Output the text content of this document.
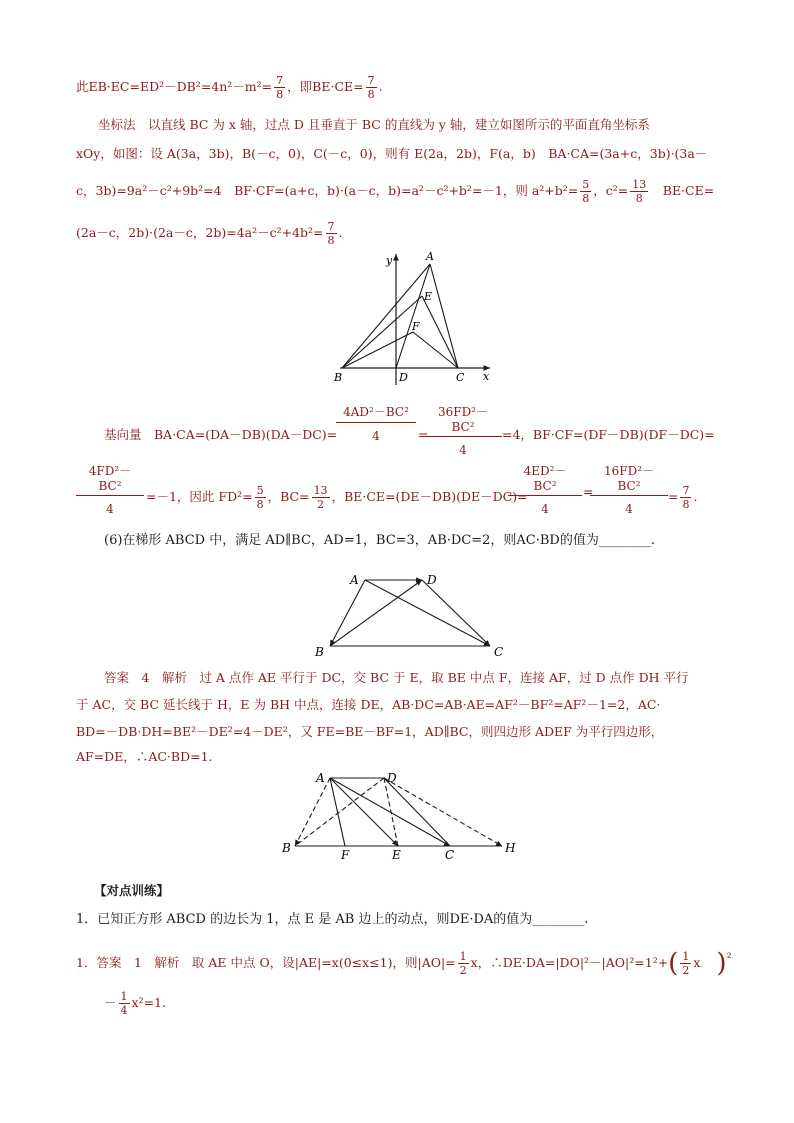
此$EB\cdot EC=ED^2-DB^2=4n^2-m^2= \frac{7}{8}$ ，即$BE\cdot CE= \frac{7}{8}$ .
坐标法　以直线 BC 为 x 轴，过点 D 且垂直于 BC 的直线为 y 轴，建立如图所示的平面直角坐标系
xOy，如图：设 A(3a，3b)，B(－c，0)，C(－c，0)，则有 E(2a，2b)，F(a，b)　BA·CA=(3a+c，3b)·(3a－
c，3b)=9a²－c²+9b²=4　BF·CF=(a+c，b)·(a－c，b)=a²－c²+b²=－1，则 $a^2+b^2= \frac{5}{8}$ ，$c^2= \frac{13}{8}$ 　BE·CE=
(2a－c，2b)·(2a－c，$2b)=4a^2-c^2+4b^2= \frac{7}{8}$ .
y
x
A
E
F
B	D	C
基向量　BA·CA=(DA－DB)(DA－DC)=
$\frac{\text{4AD²－BC²}}{4}$ =
$\frac{\text{36FD²－BC²}}{4} =4$，BF·CF=(DF－DB)(DF－DC)=
$\frac{\text{4FD²－BC²}}{4} =-1$，因此 $FD^2= \frac{5}{8}$ ，$BC= \frac{13}{2}$ ，BE·CE=(DE－DB)(DE－DC)=
$\frac{\text{4ED²－BC²}}{4}$ =
$\frac{\text{16FD²－BC²}}{4} = \frac{7}{8}$ .
(6)在梯形 ABCD 中，满足 AD∥BC，AD=1，BC=3，AB·DC=2，则AC·BD的值为________.
A	D
B	C
答案　4　解析　过 A 点作 AE 平行于 DC，交 BC 于 E，取 BE 中点 F，连接 AF，过 D 点作 DH 平行
于 AC，交 BC 延长线于 H，E 为 BH 中点，连接 DE，AB·DC=AB·AE=AF²－BF²=AF²－1=2，AC·
BD=－DB·DH=BE²－DE²=4－DE²，又 FE=BE－BF=1，AD∥BC，则四边形 ADEF 为平行四边形，
AF=DE，∴AC·BD=1.
A	D
B	F	E	C	H
【对点训练】
1．已知正方形 ABCD 的边长为 1，点 E 是 AB 边上的动点，则DE·DA的值为________.
1．答案　1　解析　取 AE 中点 O，设|AE|=x(0≤x≤1)，则$|AO|= \frac{1}{2}$ x，∴DE·DA=|DO|²－|AO|²=1²+( $\frac{1}{2}$ x )²
－ $\frac{1}{4} x^2=1$.
